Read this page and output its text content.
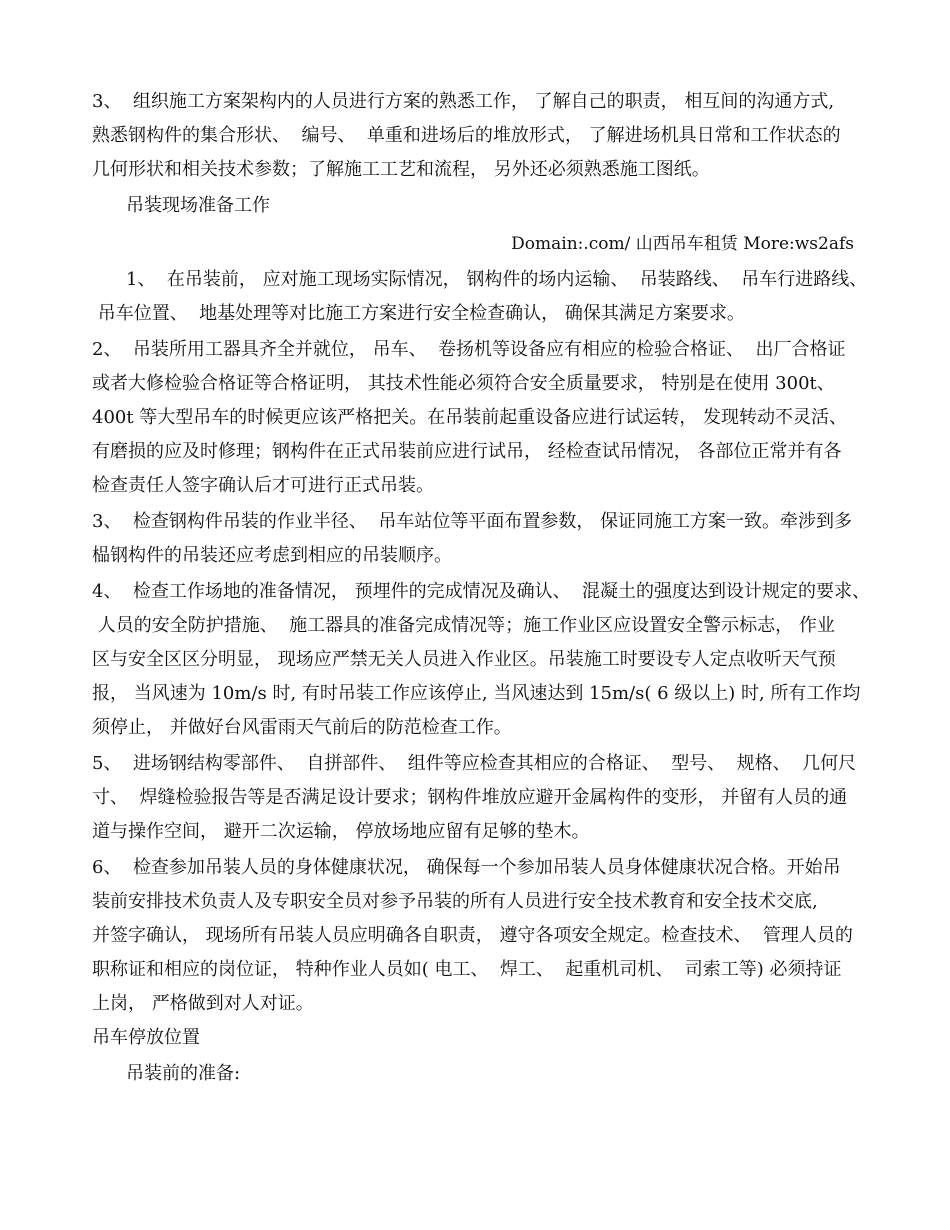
3、  组织施工方案架构内的人员进行方案的熟悉工作， 了解自己的职责， 相互间的沟通方式,
熟悉钢构件的集合形状、  编号、  单重和进场后的堆放形式， 了解进场机具日常和工作状态的
几何形状和相关技术参数；了解施工工艺和流程， 另外还必须熟悉施工图纸。
吊装现场准备工作
Domain:.com/ 山西吊车租赁 More:ws2afs
1、  在吊装前， 应对施工现场实际情况， 钢构件的场内运输、  吊装路线、  吊车行进路线、
吊车位置、  地基处理等对比施工方案进行安全检查确认， 确保其满足方案要求。
2、  吊装所用工器具齐全并就位， 吊车、  卷扬机等设备应有相应的检验合格证、  出厂合格证
或者大修检验合格证等合格证明， 其技术性能必须符合安全质量要求， 特别是在使用 300t、
400t 等大型吊车的时候更应该严格把关。在吊装前起重设备应进行试运转， 发现转动不灵活、
有磨损的应及时修理；钢构件在正式吊装前应进行试吊， 经检查试吊情况， 各部位正常并有各
检查责任人签字确认后才可进行正式吊装。
3、  检查钢构件吊装的作业半径、  吊车站位等平面布置参数， 保证同施工方案一致。牵涉到多
榀钢构件的吊装还应考虑到相应的吊装顺序。
4、  检查工作场地的准备情况， 预埋件的完成情况及确认、  混凝土的强度达到设计规定的要求、
人员的安全防护措施、  施工器具的准备完成情况等；施工作业区应设置安全警示标志， 作业
区与安全区区分明显， 现场应严禁无关人员进入作业区。吊装施工时要设专人定点收听天气预
报， 当风速为 10m/s 时, 有时吊装工作应该停止, 当风速达到 15m/s( 6 级以上) 时, 所有工作均
须停止， 并做好台风雷雨天气前后的防范检查工作。
5、  进场钢结构零部件、  自拼部件、  组件等应检查其相应的合格证、  型号、  规格、  几何尺
寸、  焊缝检验报告等是否满足设计要求；钢构件堆放应避开金属构件的变形， 并留有人员的通
道与操作空间， 避开二次运输， 停放场地应留有足够的垫木。
6、  检查参加吊装人员的身体健康状况， 确保每一个参加吊装人员身体健康状况合格。开始吊
装前安排技术负责人及专职安全员对参予吊装的所有人员进行安全技术教育和安全技术交底,
并签字确认， 现场所有吊装人员应明确各自职责， 遵守各项安全规定。检查技术、  管理人员的
职称证和相应的岗位证， 特种作业人员如( 电工、  焊工、  起重机司机、  司索工等) 必须持证
上岗， 严格做到对人对证。
吊车停放位置
吊装前的准备:
